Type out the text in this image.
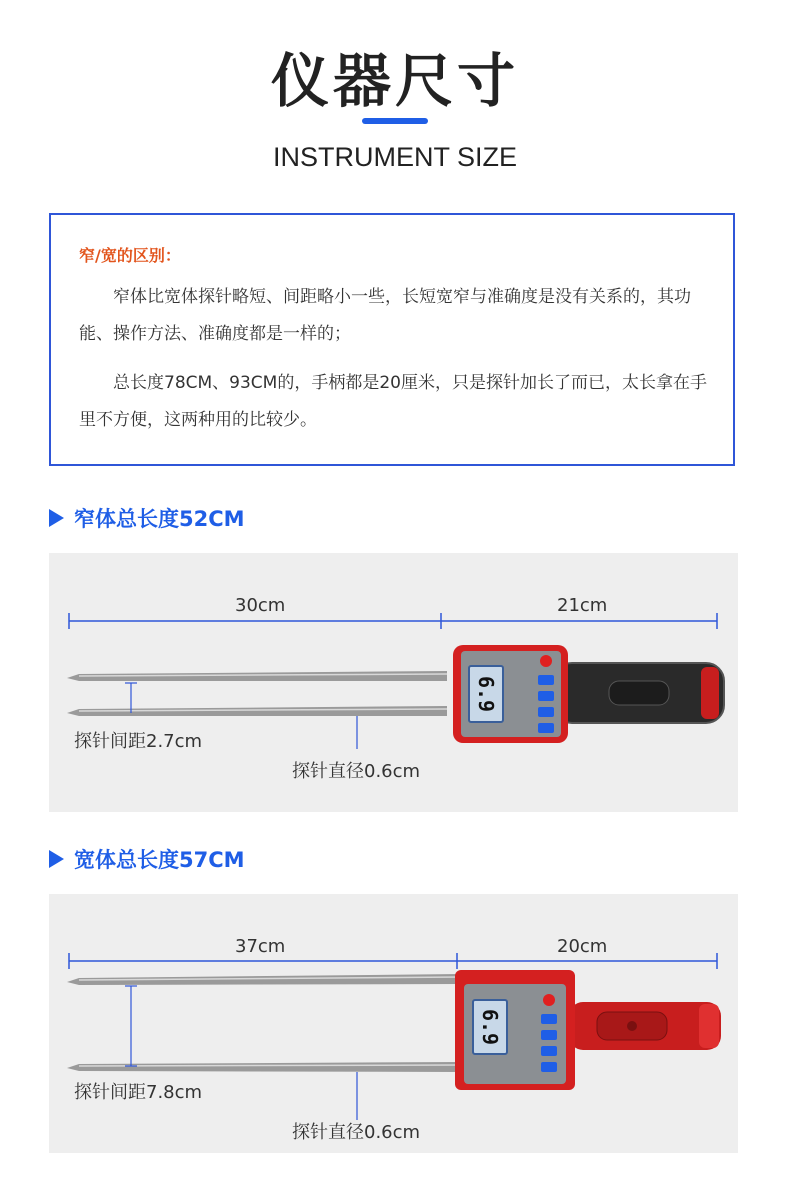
仪器尺寸
INSTRUMENT SIZE
窄/宽的区别：

窄体比宽体探针略短、间距略小一些，长短宽窄与准确度是没有关系的，其功能、操作方法、准确度都是一样的；

总长度78CM、93CM的，手柄都是20厘米，只是探针加长了而已，太长拿在手里不方便，这两种用的比较少。

窄体总长度52CM
6.9
30cm	21cm
探针间距2.7cm
探针直径0.6cm
宽体总长度57CM
6.9
37cm	20cm
探针间距7.8cm
探针直径0.6cm
